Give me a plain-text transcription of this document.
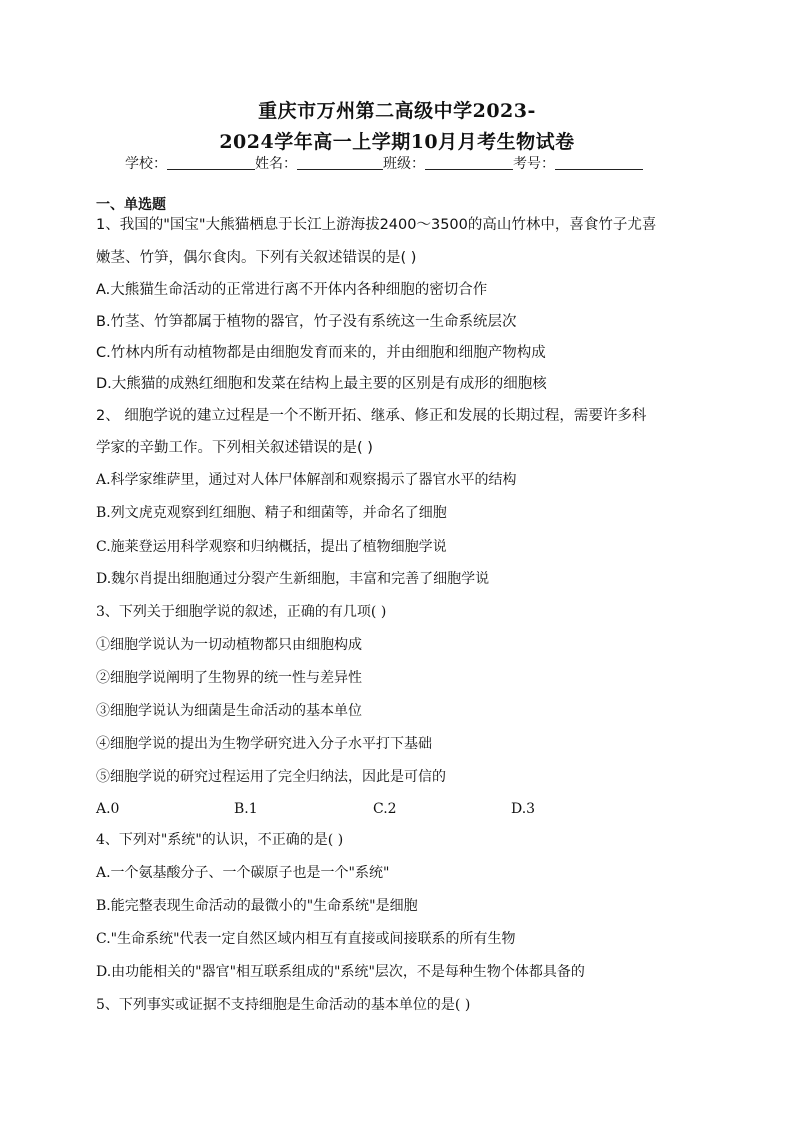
重庆市万州第二高级中学2023-
2024学年高一上学期10月月考生物试卷
学校：	姓名：	班级：	考号：
一、单选题
1、我国的"国宝"大熊猫栖息于长江上游海拔2400～3500的高山竹林中，喜食竹子尤喜
嫩茎、竹笋，偶尔食肉。下列有关叙述错误的是( )
A.大熊猫生命活动的正常进行离不开体内各种细胞的密切合作
B.竹茎、竹笋都属于植物的器官，竹子没有系统这一生命系统层次
C.竹林内所有动植物都是由细胞发育而来的，并由细胞和细胞产物构成
D.大熊猫的成熟红细胞和发菜在结构上最主要的区别是有成形的细胞核
2、 细胞学说的建立过程是一个不断开拓、继承、修正和发展的长期过程，需要许多科
学家的辛勤工作。下列相关叙述错误的是( )
A.科学家维萨里，通过对人体尸体解剖和观察揭示了器官水平的结构
B.列文虎克观察到红细胞、精子和细菌等，并命名了细胞
C.施莱登运用科学观察和归纳概括，提出了植物细胞学说
D.魏尔肖提出细胞通过分裂产生新细胞，丰富和完善了细胞学说
3、下列关于细胞学说的叙述，正确的有几项( )
①细胞学说认为一切动植物都只由细胞构成
②细胞学说阐明了生物界的统一性与差异性
③细胞学说认为细菌是生命活动的基本单位
④细胞学说的提出为生物学研究进入分子水平打下基础
⑤细胞学说的研究过程运用了完全归纳法，因此是可信的
A.0	B.1	C.2	D.3
4、下列对"系统"的认识，不正确的是( )
A.一个氨基酸分子、一个碳原子也是一个"系统"
B.能完整表现生命活动的最微小的"生命系统"是细胞
C."生命系统"代表一定自然区域内相互有直接或间接联系的所有生物
D.由功能相关的"器官"相互联系组成的"系统"层次，不是每种生物个体都具备的
5、下列事实或证据不支持细胞是生命活动的基本单位的是( )
